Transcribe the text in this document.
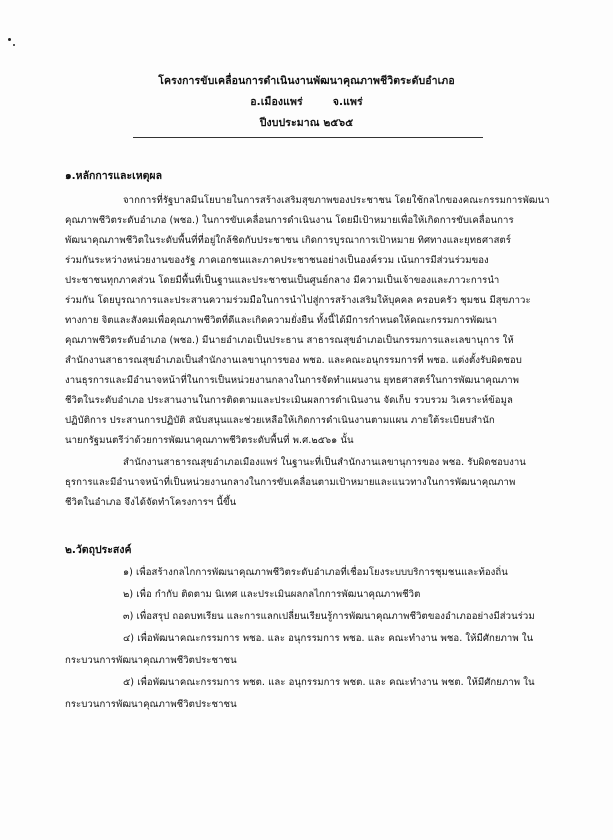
โครงการขับเคลื่อนการดำเนินงานพัฒนาคุณภาพชีวิตระดับอำเภอ
อ.เมืองแพร่        จ.แพร่
ปีงบประมาณ ๒๕๖๕
๑.หลักการและเหตุผล
จากการที่รัฐบาลมีนโยบายในการสร้างเสริมสุขภาพของประชาชน โดยใช้กลไกของคณะกรรมการพัฒนา
คุณภาพชีวิตระดับอำเภอ (พชอ.) ในการขับเคลื่อนการดำเนินงาน โดยมีเป้าหมายเพื่อให้เกิดการขับเคลื่อนการ
พัฒนาคุณภาพชีวิตในระดับพื้นที่ที่อยู่ใกล้ชิดกับประชาชน เกิดการบูรณาการเป้าหมาย ทิศทางและยุทธศาสตร์
ร่วมกันระหว่างหน่วยงานของรัฐ ภาคเอกชนและภาคประชาชนอย่างเป็นองค์รวม เน้นการมีส่วนร่วมของ
ประชาชนทุกภาคส่วน โดยมีพื้นที่เป็นฐานและประชาชนเป็นศูนย์กลาง มีความเป็นเจ้าของและภาวะการนำ
ร่วมกัน โดยบูรณาการและประสานความร่วมมือในการนำไปสู่การสร้างเสริมให้บุคคล ครอบครัว ชุมชน มีสุขภาวะ
ทางกาย จิตและสังคมเพื่อคุณภาพชีวิตที่ดีและเกิดความยั่งยืน ทั้งนี้ได้มีการกำหนดให้คณะกรรมการพัฒนา
คุณภาพชีวิตระดับอำเภอ (พชอ.) มีนายอำเภอเป็นประธาน สาธารณสุขอำเภอเป็นกรรมการและเลขานุการ ให้
สำนักงานสาธารณสุขอำเภอเป็นสำนักงานเลขานุการของ พชอ. และคณะอนุกรรมการที่ พชอ. แต่งตั้งรับผิดชอบ
งานธุรการและมีอำนาจหน้าที่ในการเป็นหน่วยงานกลางในการจัดทำแผนงาน ยุทธศาสตร์ในการพัฒนาคุณภาพ
ชีวิตในระดับอำเภอ ประสานงานในการติดตามและประเมินผลการดำเนินงาน จัดเก็บ รวบรวม วิเคราะห์ข้อมูล
ปฏิบัติการ ประสานการปฏิบัติ สนับสนุนและช่วยเหลือให้เกิดการดำเนินงานตามแผน ภายใต้ระเบียบสำนัก
นายกรัฐมนตรีว่าด้วยการพัฒนาคุณภาพชีวิตระดับพื้นที่ พ.ศ.๒๕๖๑ นั้น
สำนักงานสาธารณสุขอำเภอเมืองแพร่ ในฐานะที่เป็นสำนักงานเลขานุการของ พชอ. รับผิดชอบงาน
ธุรการและมีอำนาจหน้าที่เป็นหน่วยงานกลางในการขับเคลื่อนตามเป้าหมายและแนวทางในการพัฒนาคุณภาพ
ชีวิตในอำเภอ จึงได้จัดทำโครงการฯ นี้ขึ้น
๒.วัตถุประสงค์
๑) เพื่อสร้างกลไกการพัฒนาคุณภาพชีวิตระดับอำเภอที่เชื่อมโยงระบบบริการชุมชนและท้องถิ่น
๒) เพื่อ กำกับ ติดตาม นิเทศ และประเมินผลกลไกการพัฒนาคุณภาพชีวิต
๓) เพื่อสรุป ถอดบทเรียน และการแลกเปลี่ยนเรียนรู้การพัฒนาคุณภาพชีวิตของอำเภออย่างมีส่วนร่วม
๔) เพื่อพัฒนาคณะกรรมการ พชอ. และ อนุกรรมการ พชอ. และ คณะทำงาน พชอ. ให้มีศักยภาพ ใน
กระบวนการพัฒนาคุณภาพชีวิตประชาชน
๕) เพื่อพัฒนาคณะกรรมการ พชต. และ อนุกรรมการ พชต. และ คณะทำงาน พชต. ให้มีศักยภาพ ใน
กระบวนการพัฒนาคุณภาพชีวิตประชาชน
